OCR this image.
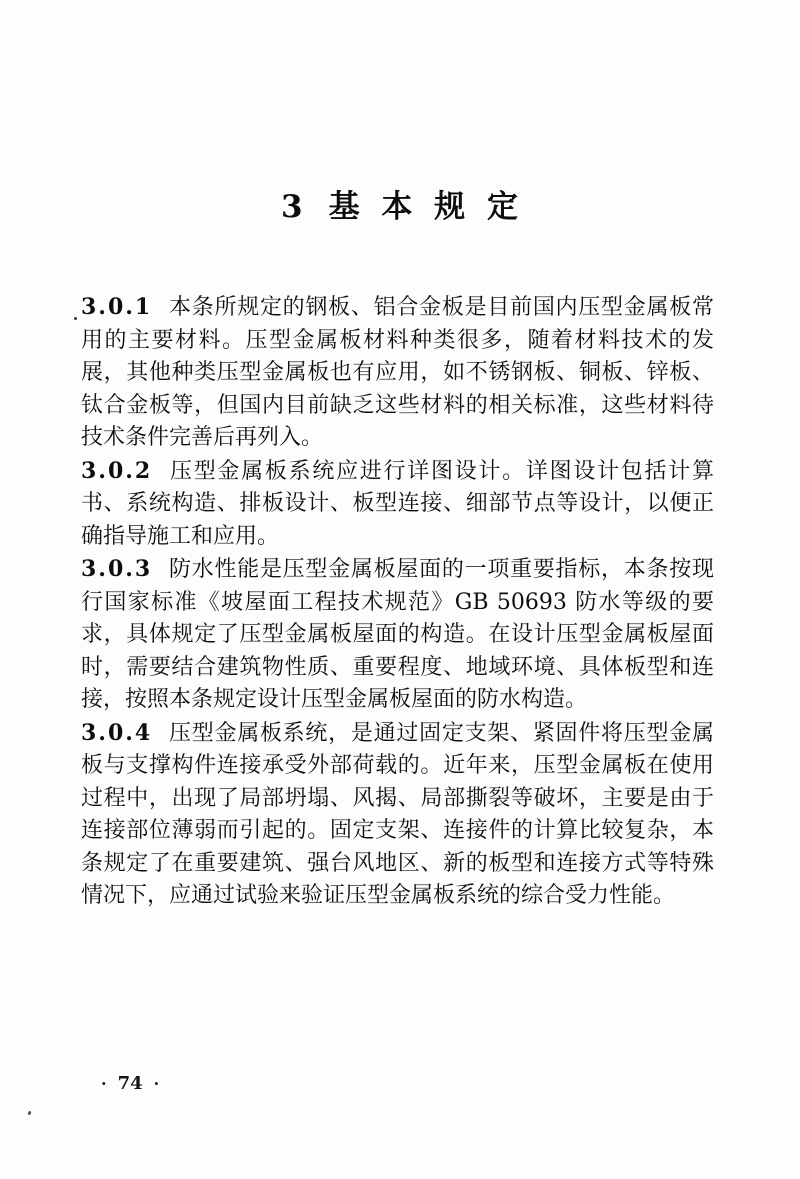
3 基 本 规 定

3.0.1 本条所规定的钢板、铝合金板是目前国内压型金属板常用的主要材料。压型金属板材料种类很多，随着材料技术的发展，其他种类压型金属板也有应用，如不锈钢板、铜板、锌板、钛合金板等，但国内目前缺乏这些材料的相关标准，这些材料待技术条件完善后再列入。

3.0.2 压型金属板系统应进行详图设计。详图设计包括计算书、系统构造、排板设计、板型连接、细部节点等设计，以便正确指导施工和应用。

3.0.3 防水性能是压型金属板屋面的一项重要指标，本条按现行国家标准《坡屋面工程技术规范》GB 50693 防水等级的要求，具体规定了压型金属板屋面的构造。在设计压型金属板屋面时，需要结合建筑物性质、重要程度、地域环境、具体板型和连接，按照本条规定设计压型金属板屋面的防水构造。

3.0.4 压型金属板系统，是通过固定支架、紧固件将压型金属板与支撑构件连接承受外部荷载的。近年来，压型金属板在使用过程中，出现了局部坍塌、风揭、局部撕裂等破坏，主要是由于连接部位薄弱而引起的。固定支架、连接件的计算比较复杂，本条规定了在重要建筑、强台风地区、新的板型和连接方式等特殊情况下，应通过试验来验证压型金属板系统的综合受力性能。

· 74 ·
